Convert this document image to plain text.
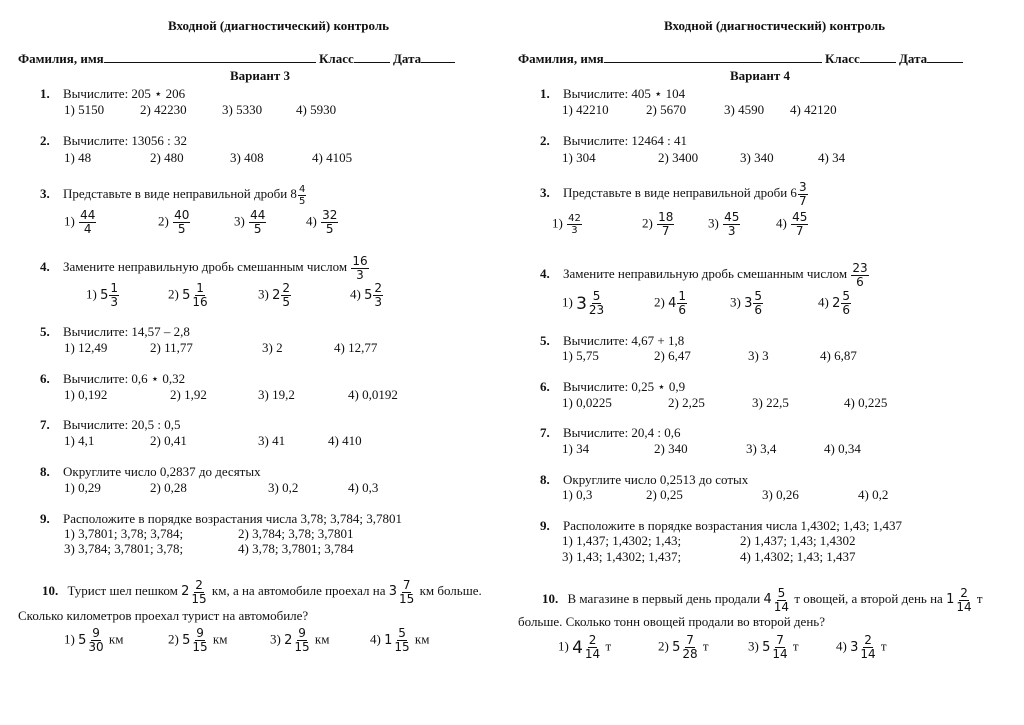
Входной (диагностический) контроль
Фамилия, имя	Класс	Дата
Вариант 3
1. Вычислите: 205 ⋆ 206
1) 5150	2) 42230	3) 5330	4) 5930
2. Вычислите: 13056 : 32
1) 48	2) 480	3) 408	4) 4105
3. Представьте в виде неправильной дроби $8 \frac{4}{5}$
$1) \frac{44}{4}$	$2) \frac{40}{5}$	$3) \frac{44}{5}$	$4) \frac{32}{5}$
4. Замените неправильную дробь смешанным числом $\frac{16}{3}$
1) $5 \frac{1}{3}$	2) $5 \frac{1}{16}$	3) $2 \frac{2}{5}$	4) $5 \frac{2}{3}$
5. Вычислите: 14,57 – 2,8
1) 12,49	2) 11,77	3) 2	4) 12,77
6. Вычислите: 0,6 ⋆ 0,32
1) 0,192	2) 1,92	3) 19,2	4) 0,0192
7. Вычислите: 20,5 : 0,5
1) 4,1	2) 0,41	3) 41	4) 410
8. Округлите число 0,2837 до десятых
1) 0,29	2) 0,28	3) 0,2	4) 0,3
9. Расположите в порядке возрастания числа 3,78; 3,784; 3,7801
1) 3,7801; 3,78; 3,784;	2) 3,784; 3,78; 3,7801
3) 3,784; 3,7801; 3,78;	4) 3,78; 3,7801; 3,784
10. Турист шел пешком $2 \frac{2}{15}$ км, а на автомобиле проехал на $3 \frac{7}{15}$ км больше.
Сколько километров проехал турист на автомобиле?
1) $5 \frac{9}{30}$ км	2) $5 \frac{9}{15}$ км	3) $2 \frac{9}{15}$ км	4) $1 \frac{5}{15}$ км
Входной (диагностический) контроль
Фамилия, имя	Класс	Дата
Вариант 4
1. Вычислите: 405 ⋆ 104
1) 42210	2) 5670	3) 4590 4) 42120
2. Вычислите: 12464 : 41
1) 304	2) 3400	3) 340	4) 34
3. Представьте в виде неправильной дроби $6 \frac{3}{7}$
$1) \frac{42}{3}$	$2) \frac{18}{7}$	$3) \frac{45}{3}$	$4) \frac{45}{7}$
4. Замените неправильную дробь смешанным числом $\frac{23}{6}$
1) $3 \frac{5}{23}$	2) $4 \frac{1}{6}$	3) $3 \frac{5}{6}$	4) $2 \frac{5}{6}$
5. Вычислите: 4,67 + 1,8
1) 5,75	2) 6,47	3) 3	4) 6,87
6. Вычислите: 0,25 ⋆ 0,9
1) 0,0225	2) 2,25	3) 22,5	4) 0,225
7. Вычислите: 20,4 : 0,6
1) 34	2) 340	3) 3,4	4) 0,34
8. Округлите число 0,2513 до сотых
1) 0,3	2) 0,25	3) 0,26	4) 0,2
9. Расположите в порядке возрастания числа 1,4302; 1,43; 1,437
1) 1,437; 1,4302; 1,43;	2) 1,437; 1,43; 1,4302
3) 1,43; 1,4302; 1,437;	4) 1,4302; 1,43; 1,437
10. В магазине в первый день продали $4 \frac{5}{14}$ т овощей, а второй день на $1 \frac{2}{14}$ т
больше. Сколько тонн овощей продали во второй день?
1) $4 \frac{2}{14}$ т	2) $5 \frac{7}{28}$ т	3) $5 \frac{7}{14}$ т	4) $3 \frac{2}{14}$ т
